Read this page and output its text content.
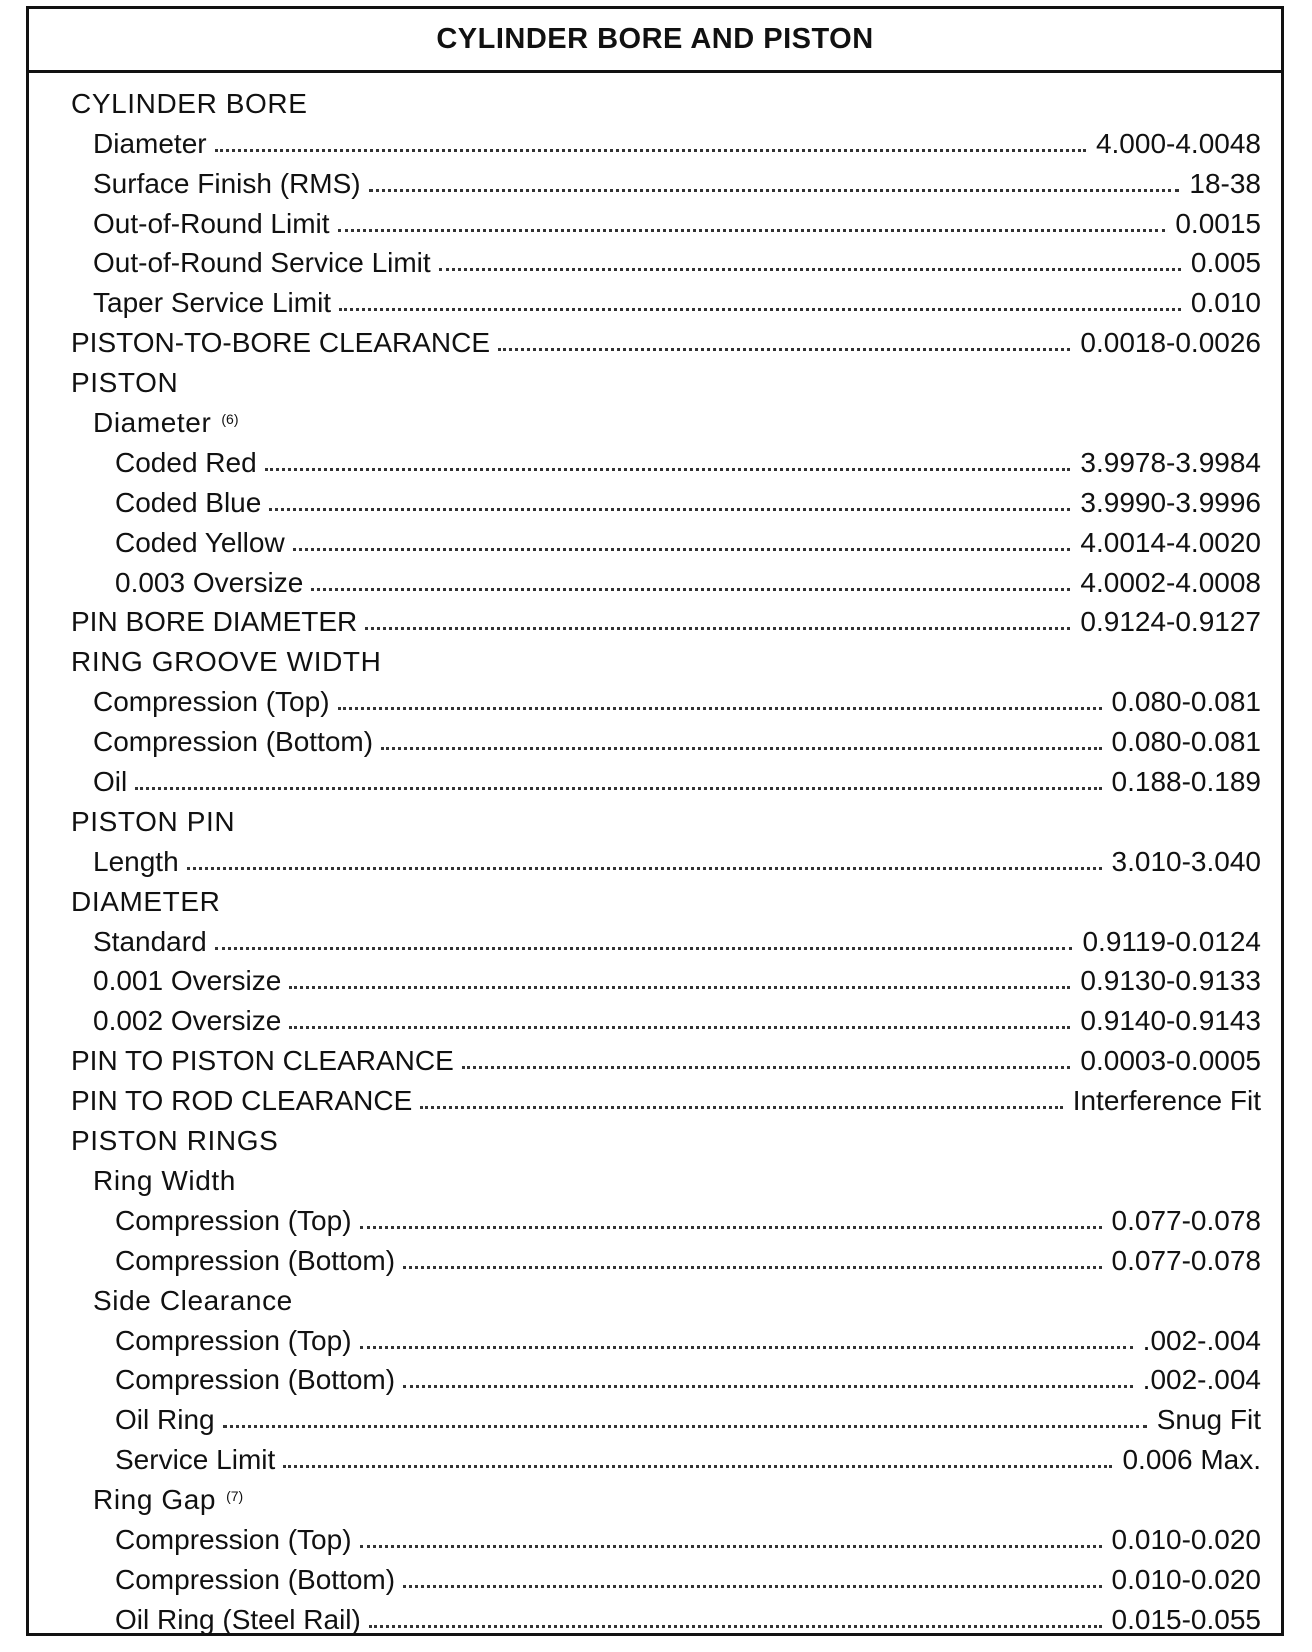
CYLINDER BORE AND PISTON
CYLINDER BORE
Diameter	4.000-4.0048
Surface Finish (RMS)	18-38
Out-of-Round Limit	0.0015
Out-of-Round Service Limit	0.005
Taper Service Limit	0.010
PISTON-TO-BORE CLEARANCE	0.0018-0.0026
PISTON
Diameter $^{(6)}$
Coded Red	3.9978-3.9984
Coded Blue	3.9990-3.9996
Coded Yellow	4.0014-4.0020
0.003 Oversize	4.0002-4.0008
PIN BORE DIAMETER	0.9124-0.9127
RING GROOVE WIDTH
Compression (Top)	0.080-0.081
Compression (Bottom)	0.080-0.081
Oil	0.188-0.189
PISTON PIN
Length	3.010-3.040
DIAMETER
Standard	0.9119-0.0124
0.001 Oversize	0.9130-0.9133
0.002 Oversize	0.9140-0.9143
PIN TO PISTON CLEARANCE	0.0003-0.0005
PIN TO ROD CLEARANCE	Interference Fit
PISTON RINGS
Ring Width
Compression (Top)	0.077-0.078
Compression (Bottom)	0.077-0.078
Side Clearance
Compression (Top)	.002-.004
Compression (Bottom)	.002-.004
Oil Ring	Snug Fit
Service Limit	0.006 Max.
Ring Gap $^{(7)}$
Compression (Top)	0.010-0.020
Compression (Bottom)	0.010-0.020
Oil Ring (Steel Rail)	0.015-0.055
